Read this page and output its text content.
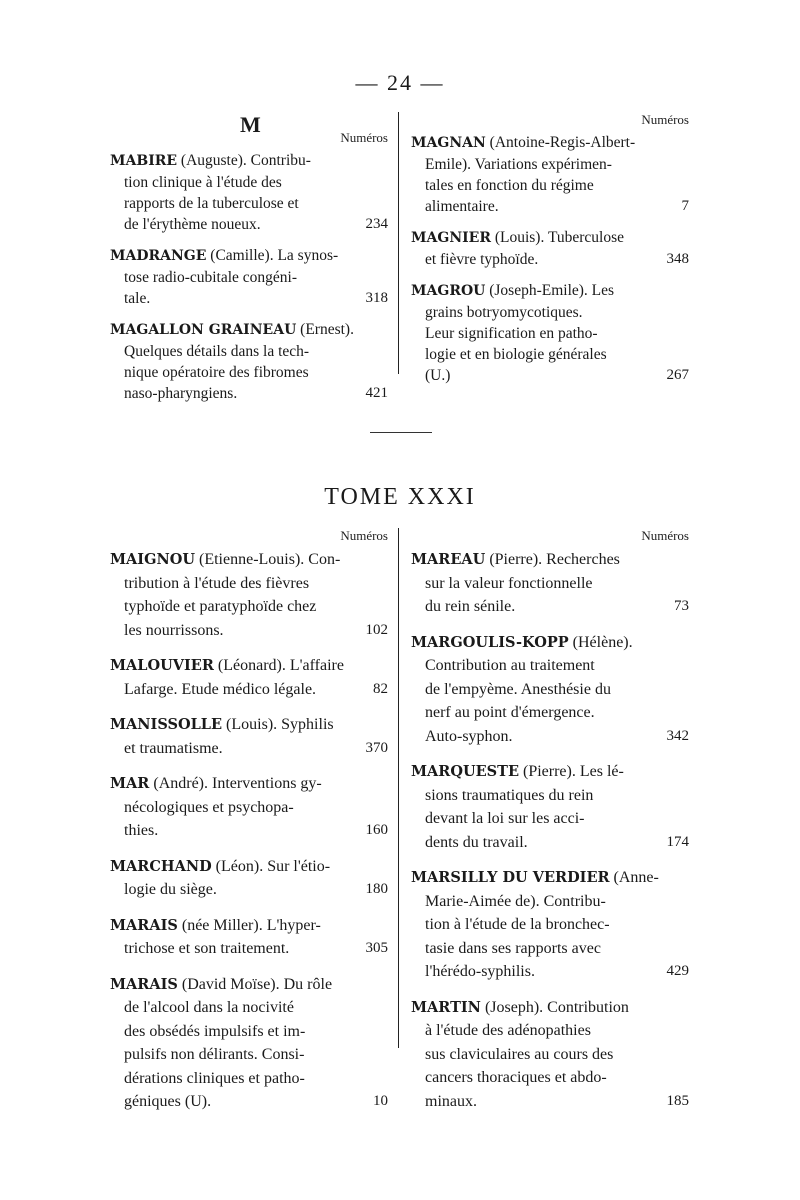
— 24 —
Numéros
MABIRE (Auguste). Contribu-
tion clinique à l'étude des
rapports de la tuberculose et
de l'érythème noueux.	234
MADRANGE (Camille). La synos-
tose radio-cubitale congéni-
tale.	318
MAGALLON GRAINEAU (Ernest).
Quelques détails dans la tech-
nique opératoire des fibromes
naso-pharyngiens.	421
Numéros
MAGNAN (Antoine-Regis-Albert-
Emile). Variations expérimen-
tales en fonction du régime
alimentaire.	7
MAGNIER (Louis). Tuberculose
et fièvre typhoïde.	348
MAGROU (Joseph-Emile). Les
grains botryomycotiques.
Leur signification en patho-
logie et en biologie générales
(U.)	267
M
TOME XXXI
Numéros
MAIGNOU (Etienne-Louis). Con-
tribution à l'étude des fièvres
typhoïde et paratyphoïde chez
les nourrissons.	102
MALOUVIER (Léonard). L'affaire
Lafarge. Etude médico légale.	82
MANISSOLLE (Louis). Syphilis
et traumatisme.	370
MAR (André). Interventions gy-
nécologiques et psychopa-
thies.	160
MARCHAND (Léon). Sur l'étio-
logie du siège.	180
MARAIS (née Miller). L'hyper-
trichose et son traitement.	305
MARAIS (David Moïse). Du rôle
de l'alcool dans la nocivité
des obsédés impulsifs et im-
pulsifs non délirants. Consi-
dérations cliniques et patho-
géniques (U).	10
Numéros
MAREAU (Pierre). Recherches
sur la valeur fonctionnelle
du rein sénile.	73
MARGOULIS-KOPP (Hélène).
Contribution au traitement
de l'empyème. Anesthésie du
nerf au point d'émergence.
Auto-syphon.	342
MARQUESTE (Pierre). Les lé-
sions traumatiques du rein
devant la loi sur les acci-
dents du travail.	174
MARSILLY DU VERDIER (Anne-
Marie-Aimée de). Contribu-
tion à l'étude de la bronchec-
tasie dans ses rapports avec
l'hérédo-syphilis.	429
MARTIN (Joseph). Contribution
à l'étude des adénopathies
sus claviculaires au cours des
cancers thoraciques et abdo-
minaux.	185
